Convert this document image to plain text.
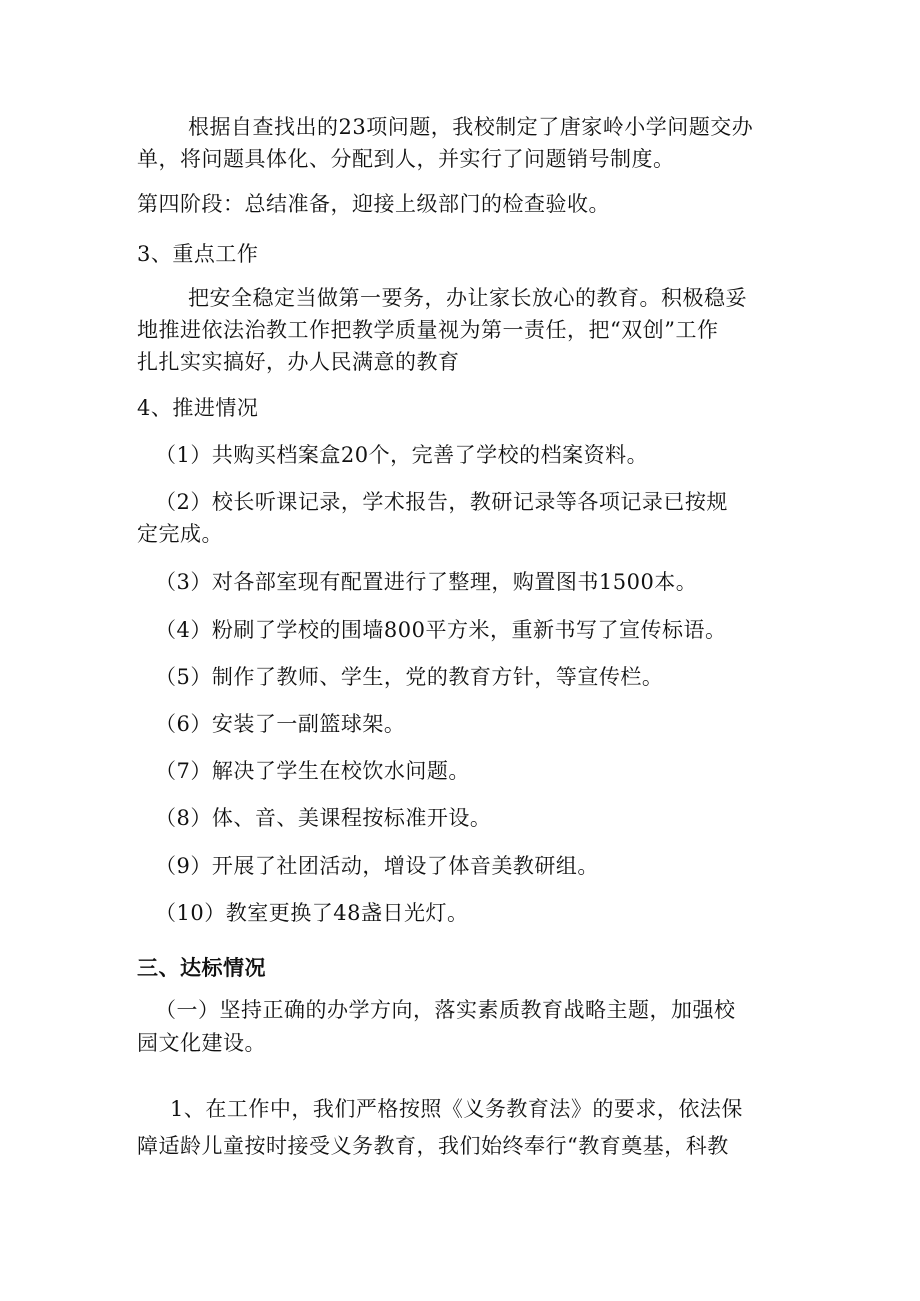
根据自查找出的23项问题，我校制定了唐家岭小学问题交办
单，将问题具体化、分配到人，并实行了问题销号制度。
第四阶段：总结准备，迎接上级部门的检查验收。
3、重点工作
把安全稳定当做第一要务，办让家长放心的教育。积极稳妥
地推进依法治教工作把教学质量视为第一责任，把“双创”工作
扎扎实实搞好，办人民满意的教育
4、推进情况
（1）共购买档案盒20个，完善了学校的档案资料。
（2）校长听课记录，学术报告，教研记录等各项记录已按规
定完成。
（3）对各部室现有配置进行了整理，购置图书1500本。
（4）粉刷了学校的围墙800平方米，重新书写了宣传标语。
（5）制作了教师、学生，党的教育方针，等宣传栏。
（6）安装了一副篮球架。
（7）解决了学生在校饮水问题。
（8）体、音、美课程按标准开设。
（9）开展了社团活动，增设了体音美教研组。
（10）教室更换了48盏日光灯。
三、达标情况
（一）坚持正确的办学方向，落实素质教育战略主题，加强校
园文化建设。
1、在工作中，我们严格按照《义务教育法》的要求，依法保
障适龄儿童按时接受义务教育，我们始终奉行“教育奠基，科教
